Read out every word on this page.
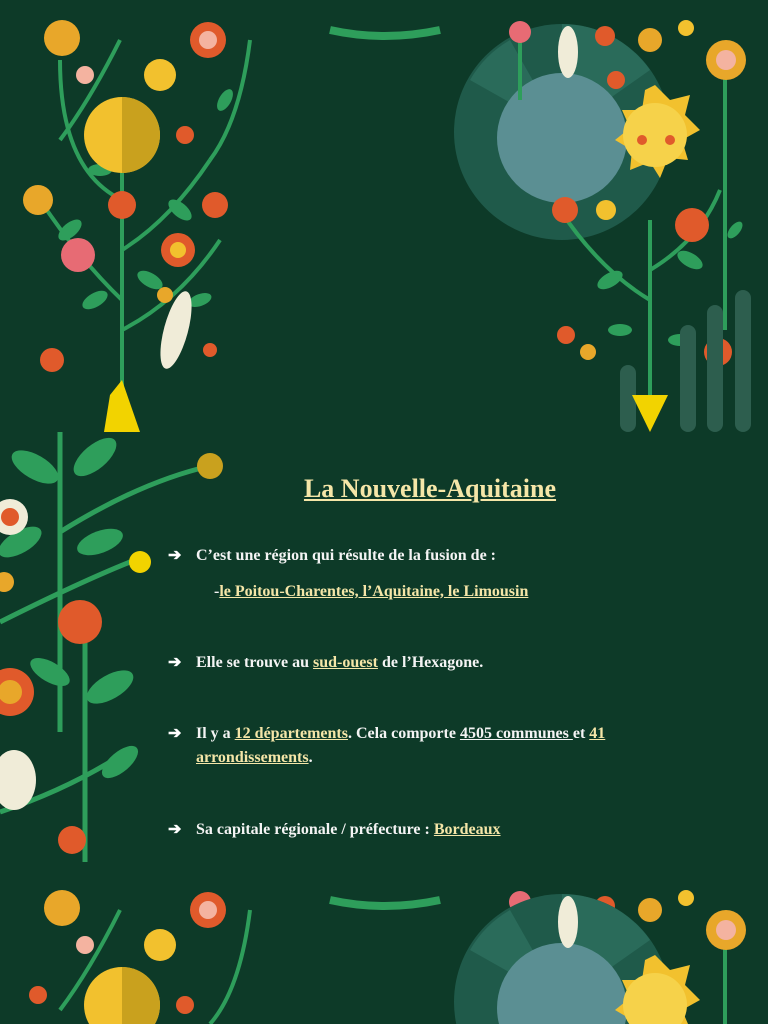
La Nouvelle-Aquitaine
➔ C’est une région qui résulte de la fusion de :
-le Poitou-Charentes, l’Aquitaine, le Limousin
➔ Elle se trouve au sud-ouest de l’Hexagone.
➔ Il y a 12 départements. Cela comporte 4505 communes et 41
arrondissements.
➔ Sa capitale régionale / préfecture : Bordeaux
